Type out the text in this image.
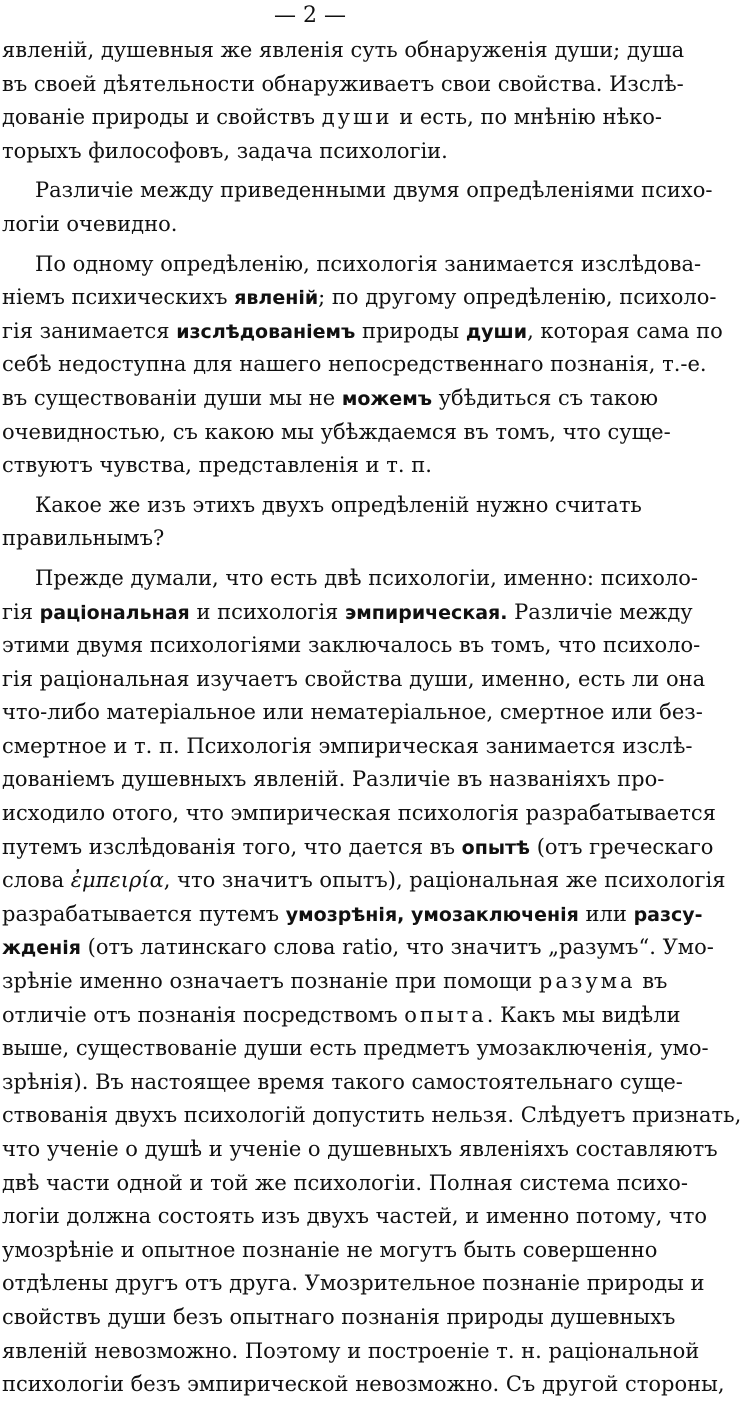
— 2 —
явленій, душевныя же явленія суть обнаруженія души; душа
въ своей дѣятельности обнаруживаетъ свои свойства. Изслѣ-
дованіе природы и свойствъ души и есть, по мнѣнію нѣко-
торыхъ философовъ, задача психологіи.
Различіе между приведенными двумя опредѣленіями психо-
логіи очевидно.
По одному опредѣленію, психологія занимается изслѣдова-
ніемъ психическихъ явленій; по другому опредѣленію, психоло-
гія занимается изслѣдованіемъ природы души, которая сама по
себѣ недоступна для нашего непосредственнаго познанія, т.-е.
въ существованіи души мы не можемъ убѣдиться съ такою
очевидностью, съ какою мы убѣждаемся въ томъ, что суще-
ствуютъ чувства, представленія и т. п.
Какое же изъ этихъ двухъ опредѣленій нужно считать
правильнымъ?
Прежде думали, что есть двѣ психологіи, именно: психоло-
гія раціональная и психологія эмпирическая. Различіе между
этими двумя психологіями заключалось въ томъ, что психоло-
гія раціональная изучаетъ свойства души, именно, есть ли она
что-либо матеріальное или нематеріальное, смертное или без-
смертное и т. п. Психологія эмпирическая занимается изслѣ-
дованіемъ душевныхъ явленій. Различіе въ названіяхъ про-
исходило отого, что эмпирическая психологія разрабатывается
путемъ изслѣдованія того, что дается въ опытѣ (отъ греческаго
слова ἐμπειρία, что значитъ опытъ), раціональная же психологія
разрабатывается путемъ умозрѣнія, умозаключенія или разсу-
жденія (отъ латинскаго слова ratio, что значитъ „разумъ“. Умо-
зрѣніе именно означаетъ познаніе при помощи разума въ
отличіе отъ познанія посредствомъ опыта. Какъ мы видѣли
выше, существованіе души есть предметъ умозаключенія, умо-
зрѣнія). Въ настоящее время такого самостоятельнаго суще-
ствованія двухъ психологій допустить нельзя. Слѣдуетъ признать,
что ученіе о душѣ и ученіе о душевныхъ явленіяхъ составляютъ
двѣ части одной и той же психологіи. Полная система психо-
логіи должна состоять изъ двухъ частей, и именно потому, что
умозрѣніе и опытное познаніе не могутъ быть совершенно
отдѣлены другъ отъ друга. Умозрительное познаніе природы и
свойствъ души безъ опытнаго познанія природы душевныхъ
явленій невозможно. Поэтому и построеніе т. н. раціональной
психологіи безъ эмпирической невозможно. Съ другой стороны,
